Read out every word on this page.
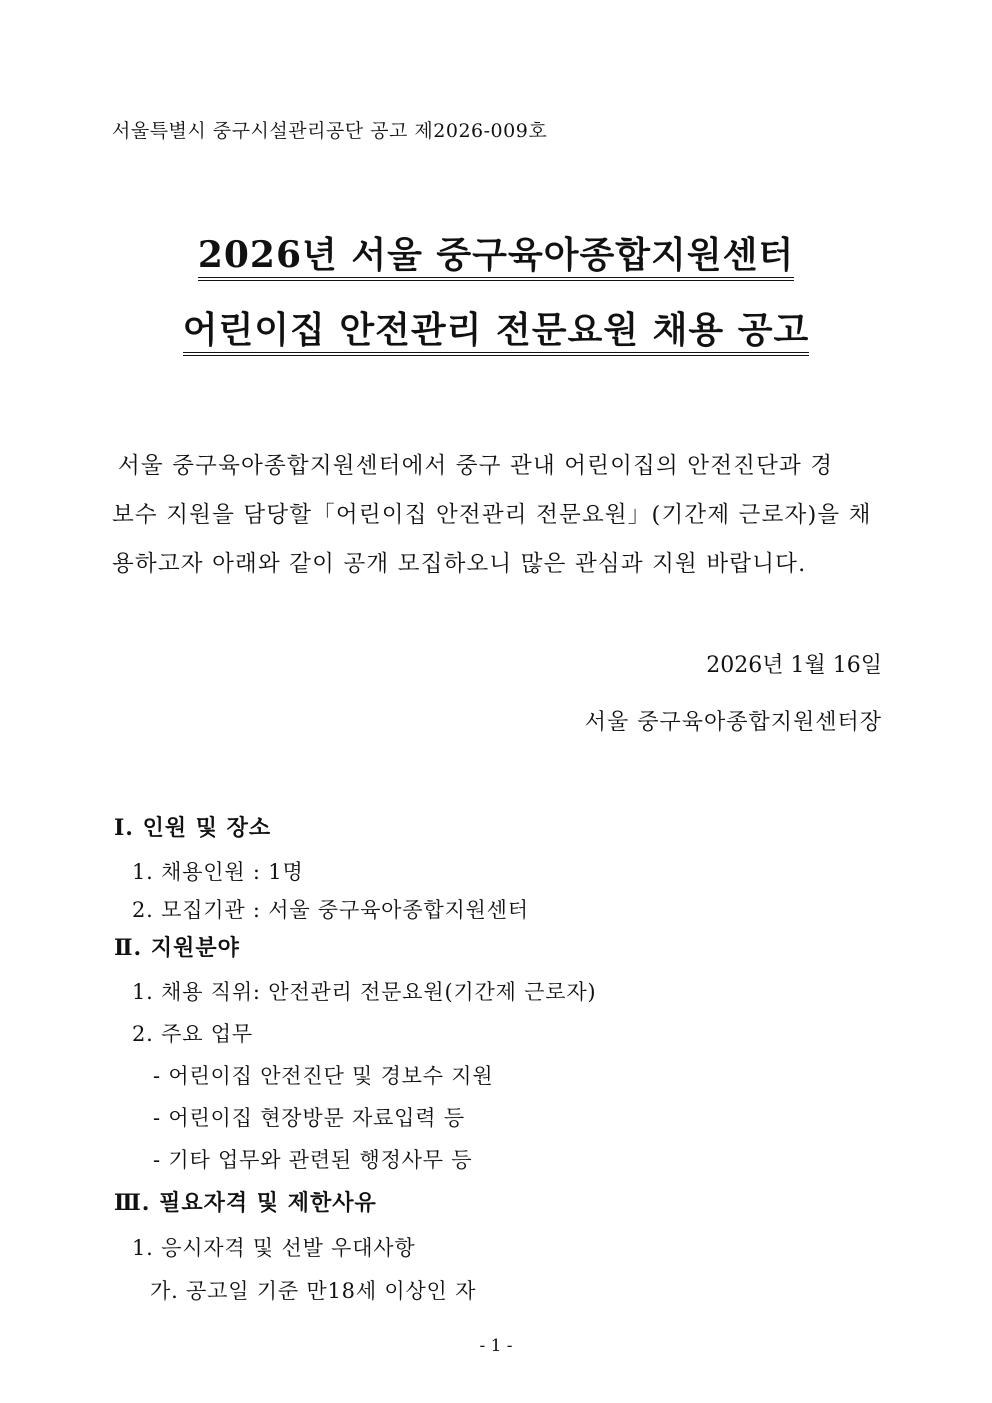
서울특별시 중구시설관리공단 공고 제2026-009호
2026년 서울 중구육아종합지원센터
어린이집 안전관리 전문요원 채용 공고
서울 중구육아종합지원센터에서 중구 관내 어린이집의 안전진단과 경
보수 지원을 담당할「어린이집 안전관리 전문요원」(기간제 근로자)을 채
용하고자 아래와 같이 공개 모집하오니 많은 관심과 지원 바랍니다.
2026년 1월 16일
서울 중구육아종합지원센터장
Ⅰ. 인원 및 장소
1. 채용인원 : 1명
2. 모집기관 : 서울 중구육아종합지원센터
Ⅱ. 지원분야
1. 채용 직위: 안전관리 전문요원(기간제 근로자)
2. 주요 업무
- 어린이집 안전진단 및 경보수 지원
- 어린이집 현장방문 자료입력 등
- 기타 업무와 관련된 행정사무 등
Ⅲ. 필요자격 및 제한사유
1. 응시자격 및 선발 우대사항
가. 공고일 기준 만18세 이상인 자
- 1 -
